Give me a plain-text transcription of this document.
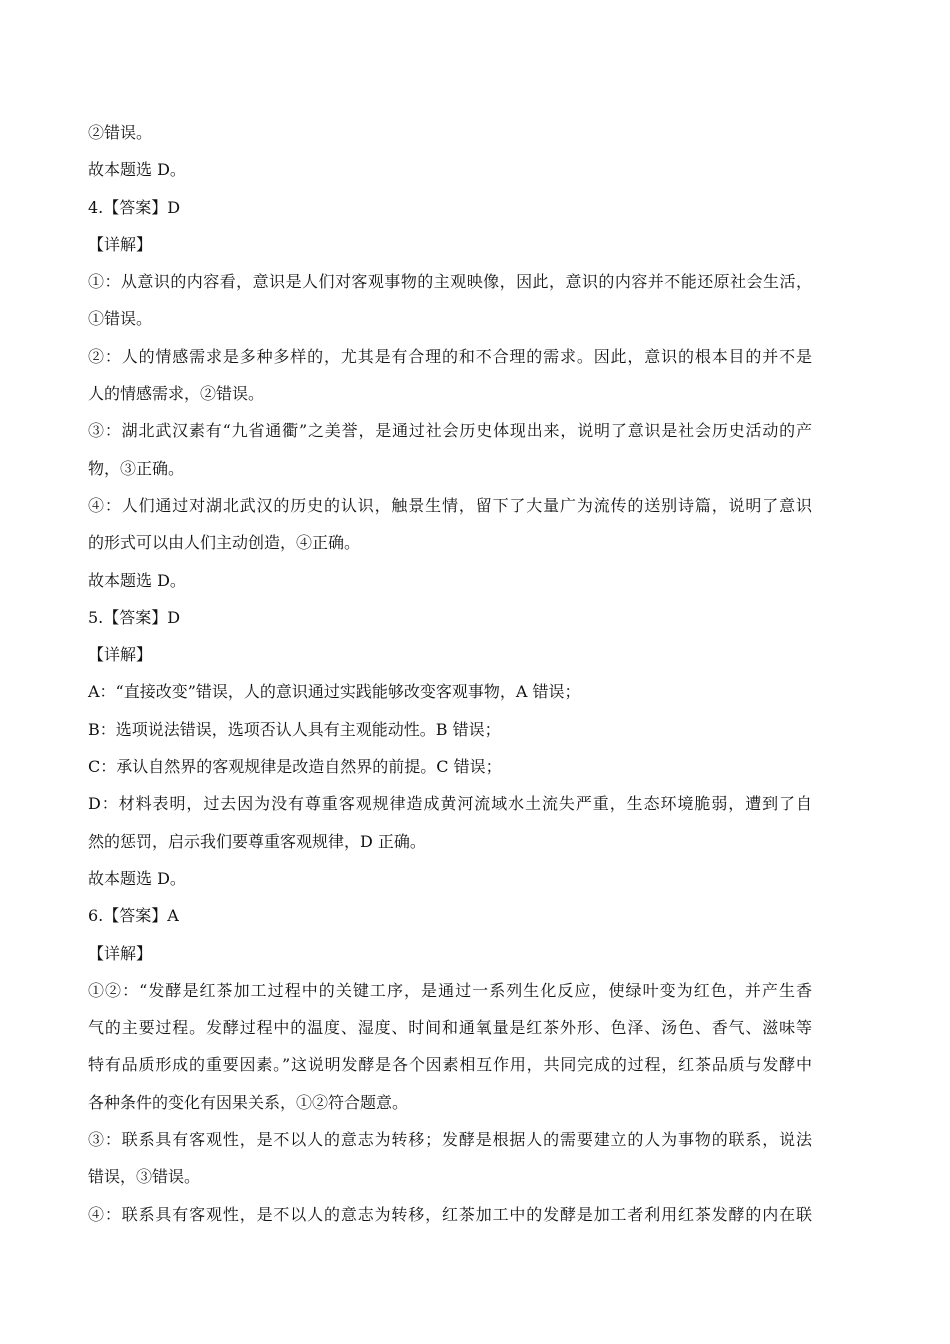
②错误。
故本题选 D。
4.【答案】D
【详解】
①：从意识的内容看，意识是人们对客观事物的主观映像，因此，意识的内容并不能还原社会生活，
①错误。
②：人的情感需求是多种多样的，尤其是有合理的和不合理的需求。因此，意识的根本目的并不是
人的情感需求，②错误。
③：湖北武汉素有“九省通衢”之美誉，是通过社会历史体现出来，说明了意识是社会历史活动的产
物，③正确。
④：人们通过对湖北武汉的历史的认识，触景生情，留下了大量广为流传的送别诗篇，说明了意识
的形式可以由人们主动创造，④正确。
故本题选 D。
5.【答案】D
【详解】
A：“直接改变”错误，人的意识通过实践能够改变客观事物，A 错误；
B：选项说法错误，选项否认人具有主观能动性。B 错误；
C：承认自然界的客观规律是改造自然界的前提。C 错误；
D：材料表明，过去因为没有尊重客观规律造成黄河流域水土流失严重，生态环境脆弱，遭到了自
然的惩罚，启示我们要尊重客观规律，D 正确。
故本题选 D。
6.【答案】A
【详解】
①②：“发酵是红茶加工过程中的关键工序，是通过一系列生化反应，使绿叶变为红色，并产生香
气的主要过程。发酵过程中的温度、湿度、时间和通氧量是红茶外形、色泽、汤色、香气、滋味等
特有品质形成的重要因素。”这说明发酵是各个因素相互作用，共同完成的过程，红茶品质与发酵中
各种条件的变化有因果关系，①②符合题意。
③：联系具有客观性，是不以人的意志为转移；发酵是根据人的需要建立的人为事物的联系，说法
错误，③错误。
④：联系具有客观性，是不以人的意志为转移，红茶加工中的发酵是加工者利用红茶发酵的内在联
